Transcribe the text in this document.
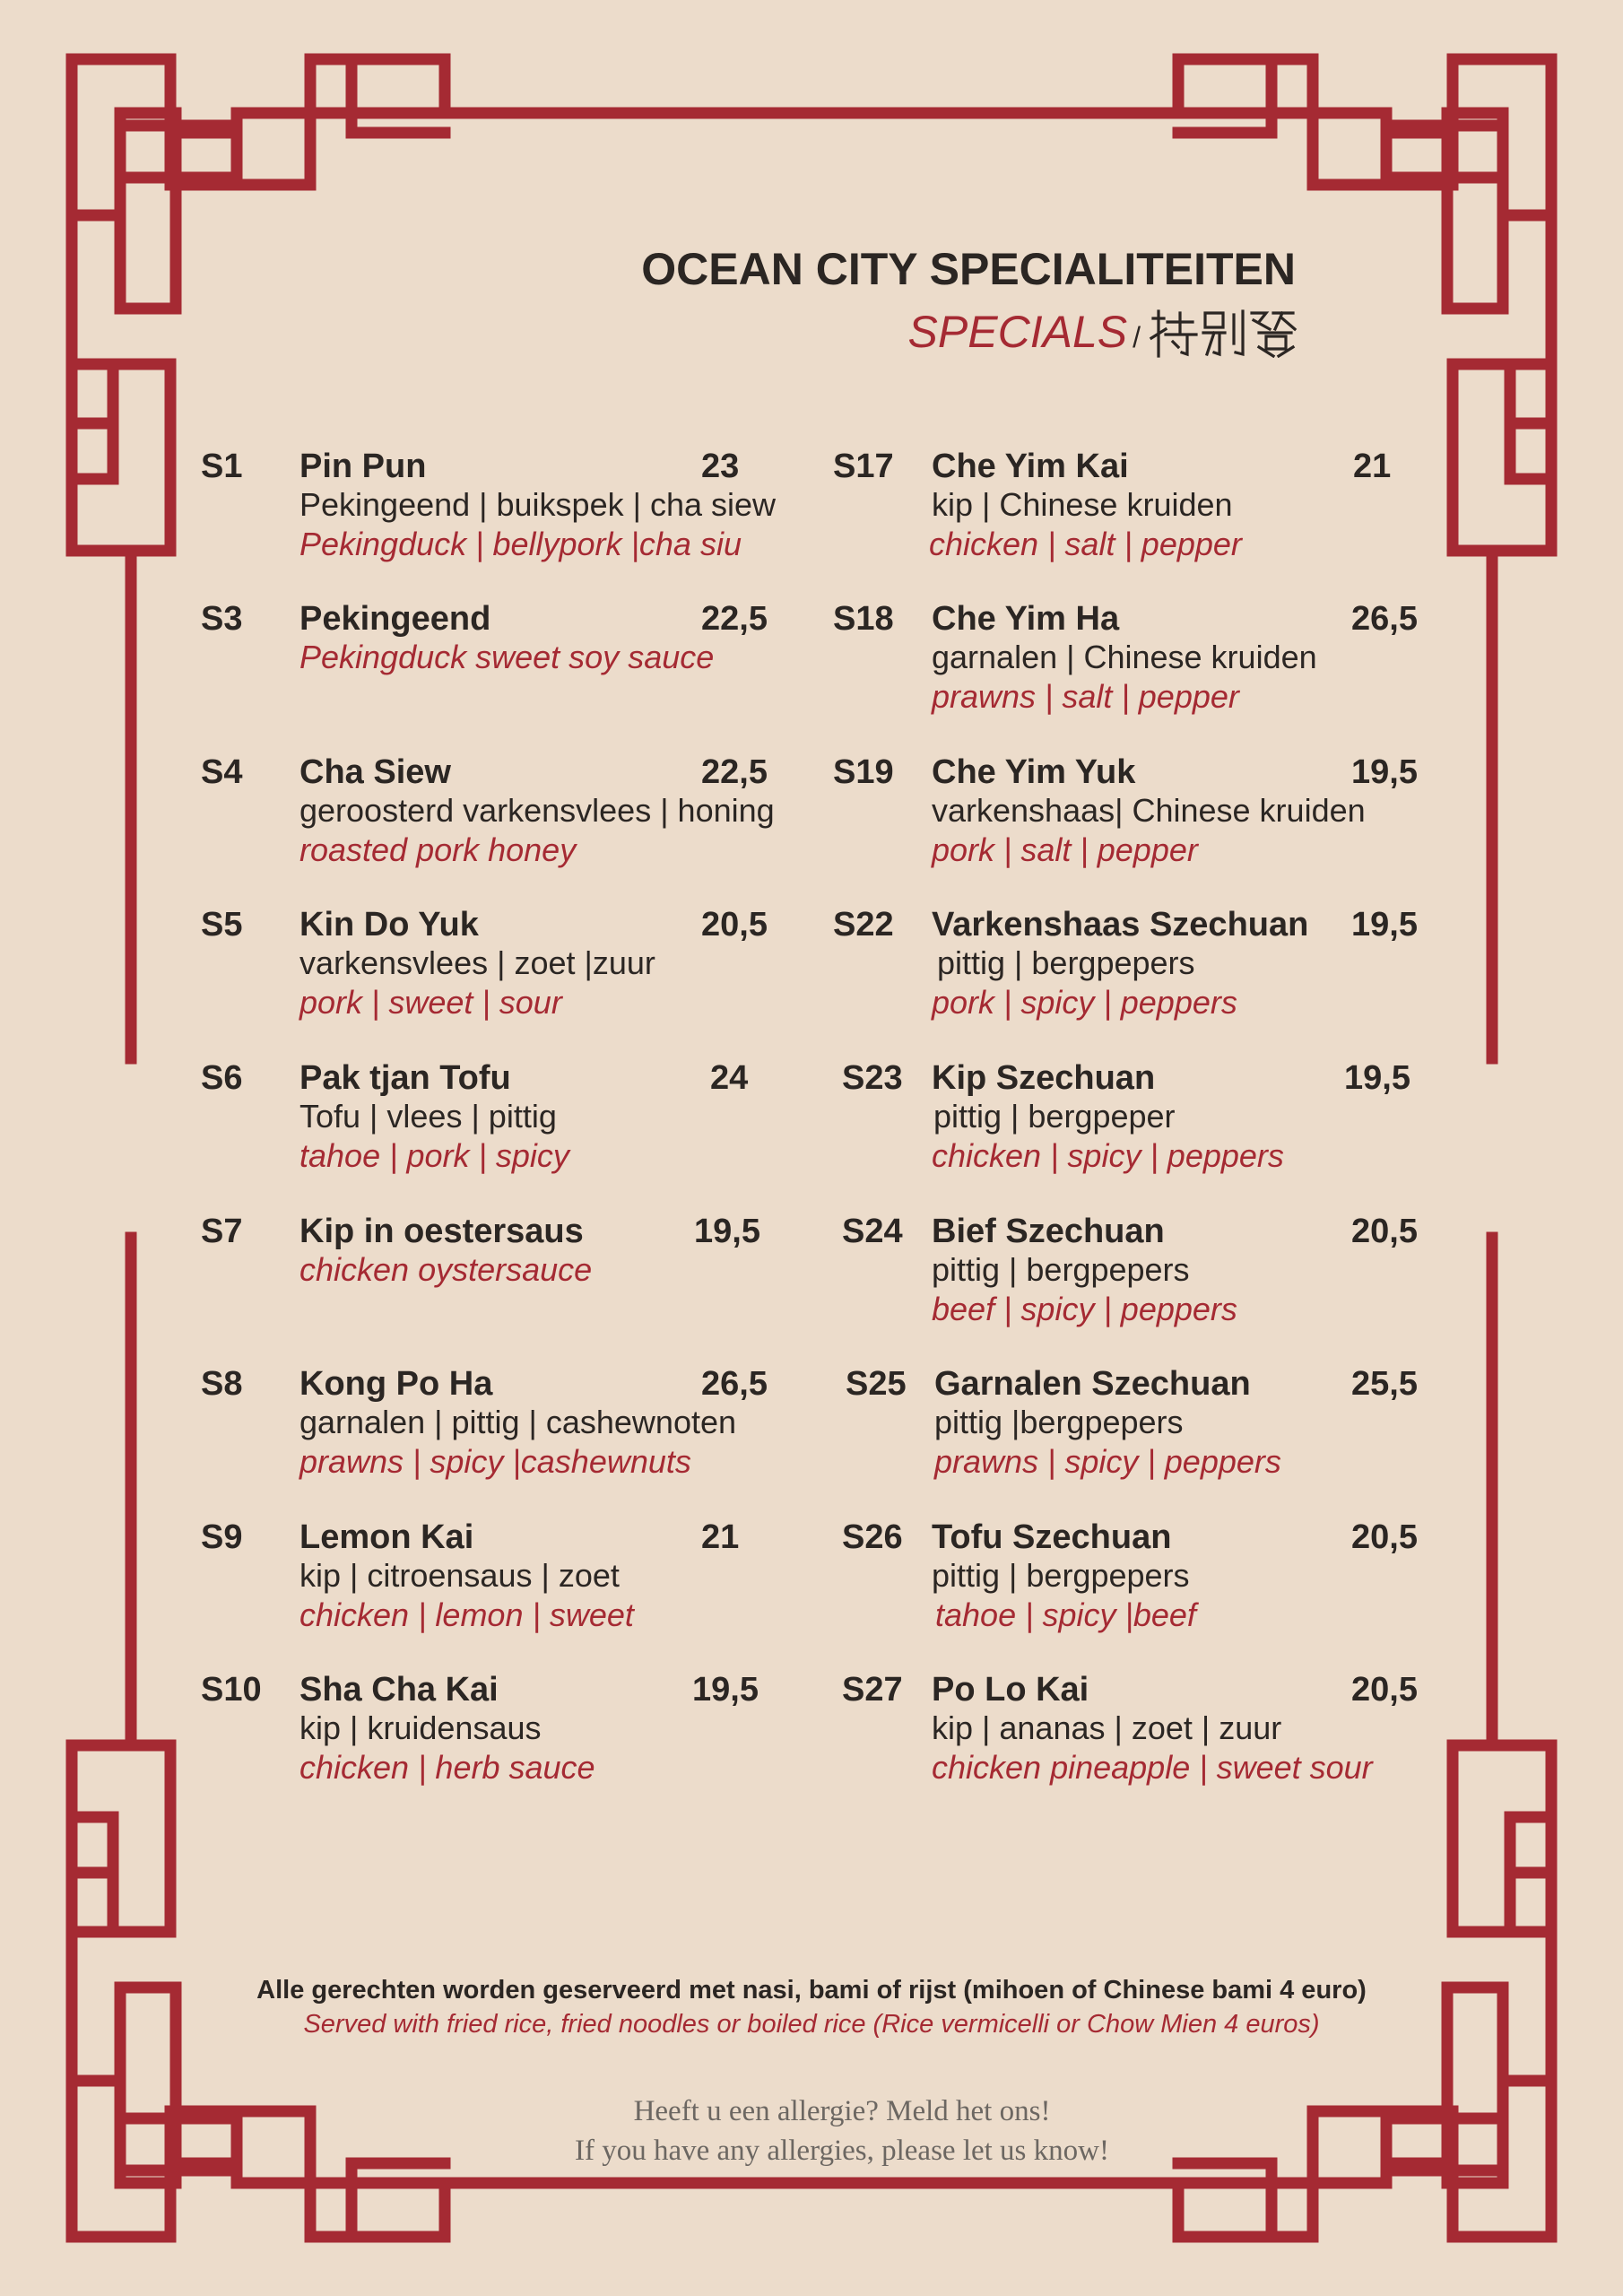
OCEAN CITY SPECIALITEITEN

SPECIALS /

S1 Pin Pun	23
Pekingeend | buikspek | cha siew
Pekingduck | bellypork |cha siu
S3 Pekingeend	22,5
Pekingduck sweet soy sauce
S4 Cha Siew	22,5
geroosterd varkensvlees | honing
roasted pork honey
S5 Kin Do Yuk	20,5
varkensvlees | zoet |zuur
pork | sweet | sour
S6 Pak tjan Tofu	24
Tofu | vlees | pittig
tahoe | pork | spicy
S7 Kip in oestersaus	19,5
chicken oystersauce
S8 Kong Po Ha	26,5
garnalen | pittig | cashewnoten
prawns | spicy |cashewnuts
S9 Lemon Kai	21
kip | citroensaus | zoet
chicken | lemon | sweet
S10 Sha Cha Kai	19,5
kip | kruidensaus
chicken | herb sauce
S17 Che Yim Kai	21
kip | Chinese kruiden
chicken | salt | pepper
S18 Che Yim Ha	26,5
garnalen | Chinese kruiden
prawns | salt | pepper
S19 Che Yim Yuk	19,5
varkenshaas| Chinese kruiden
pork | salt | pepper
S22 Varkenshaas Szechuan 19,5
pittig | bergpepers
pork | spicy | peppers
S23 Kip Szechuan	19,5
pittig | bergpeper
chicken | spicy | peppers
S24 Bief Szechuan	20,5
pittig | bergpepers
beef | spicy | peppers
S25 Garnalen Szechuan	25,5
pittig |bergpepers
prawns | spicy | peppers
S26 Tofu Szechuan	20,5
pittig | bergpepers
tahoe | spicy |beef
S27 Po Lo Kai	20,5
kip | ananas | zoet | zuur
chicken pineapple | sweet sour

Alle gerechten worden geserveerd met nasi, bami of rijst (mihoen of Chinese bami 4 euro)

Served with fried rice, fried noodles or boiled rice (Rice vermicelli or Chow Mien 4 euros)

Heeft u een allergie? Meld het ons!

If you have any allergies, please let us know!
